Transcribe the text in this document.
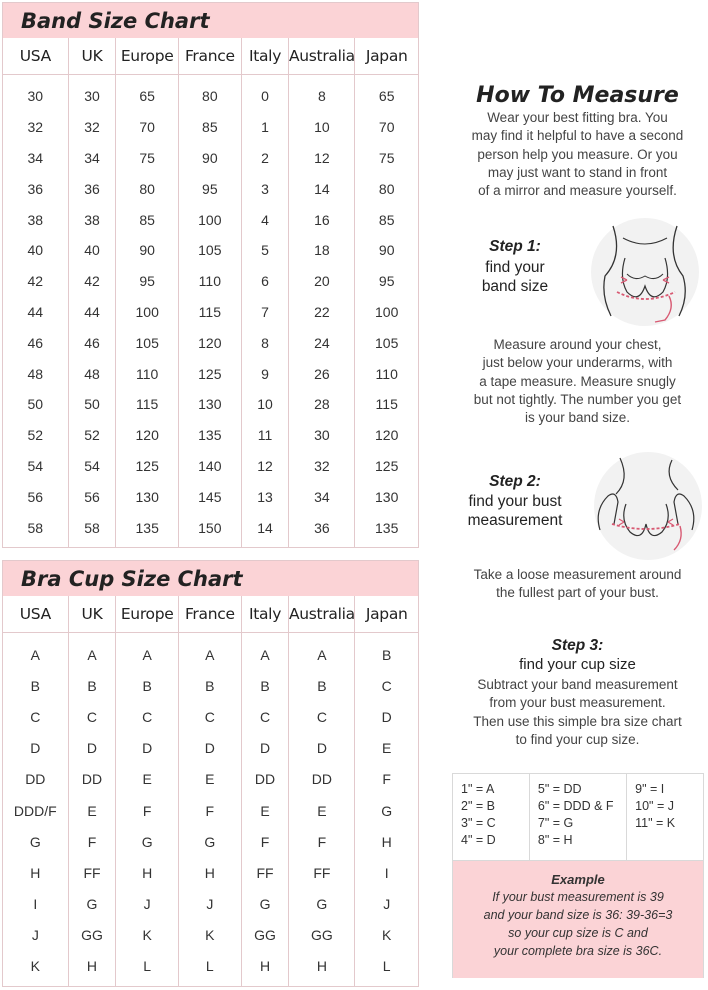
Band Size Chart
USA
30
32
34
36
38
40
42
44
46
48
50
52
54
56
58
UK
30
32
34
36
38
40
42
44
46
48
50
52
54
56
58
Europe
65
70
75
80
85
90
95
100
105
110
115
120
125
130
135
France
80
85
90
95
100
105
110
115
120
125
130
135
140
145
150
Italy
0
1
2
3
4
5
6
7
8
9
10
11
12
13
14
Australia
8
10
12
14
16
18
20
22
24
26
28
30
32
34
36
Japan
65
70
75
80
85
90
95
100
105
110
115
120
125
130
135
Bra Cup Size Chart
USA
A
B
C
D
DD
DDD/F
G
H
I
J
K
UK
A
B
C
D
DD
E
F
FF
G
GG
H
Europe
A
B
C
D
E
F
G
H
J
K
L
France
A
B
C
D
E
F
G
H
J
K
L
Italy
A
B
C
D
DD
E
F
FF
G
GG
H
Australia
A
B
C
D
DD
E
F
FF
G
GG
H
Japan
B
C
D
E
F
G
H
I
J
K
L
How To Measure
Wear your best fitting bra. You
may find it helpful to have a second
person help you measure. Or you
may just want to stand in front
of a mirror and measure yourself.
Step 1:
find your
band size
Measure around your chest,
just below your underarms, with
a tape measure. Measure snugly
but not tightly. The number you get
is your band size.
Step 2:
find your bust
measurement
Take a loose measurement around
the fullest part of your bust.
Step 3:
find your cup size
Subtract your band measurement
from your bust measurement.
Then use this simple bra size chart
to find your cup size.
1" = A
2" = B
3" = C
4" = D
5" = DD
6" = DDD & F
7" = G
8" = H
9" = I
10" = J
11" = K
Example
If your bust measurement is 39
and your band size is 36: 39-36=3
so your cup size is C and
your complete bra size is 36C.
